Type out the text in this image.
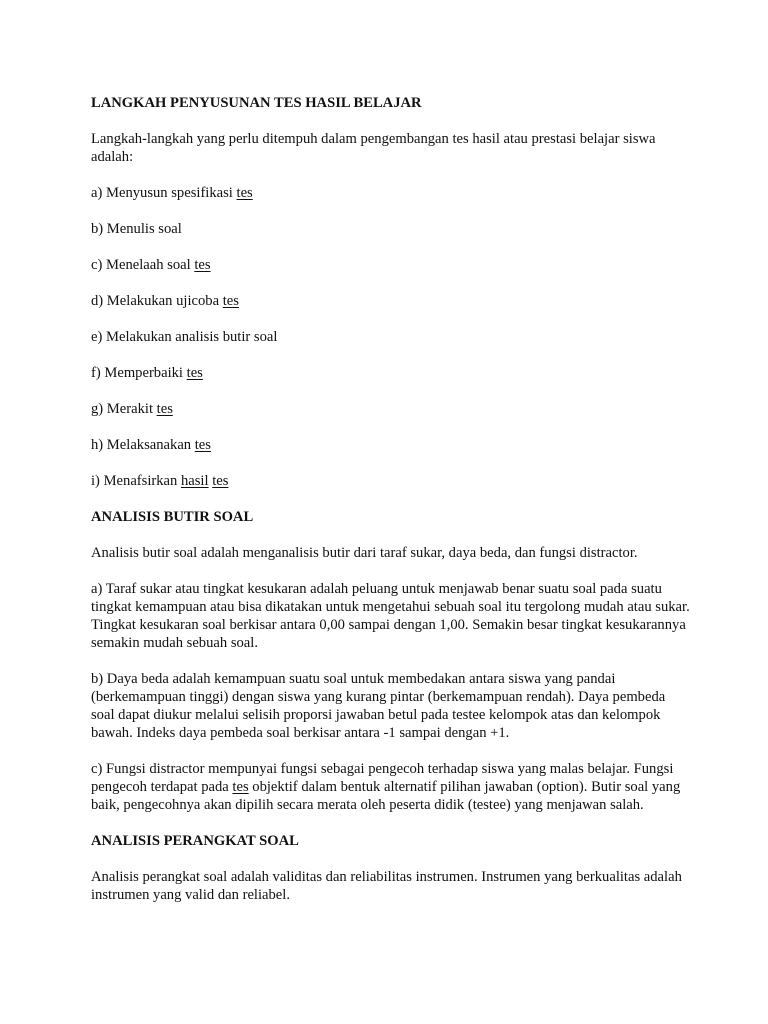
LANGKAH PENYUSUNAN TES HASIL BELAJAR
Langkah-langkah yang perlu ditempuh dalam pengembangan tes hasil atau prestasi belajar siswa adalah:
a) Menyusun spesifikasi tes
b) Menulis soal
c) Menelaah soal tes
d) Melakukan ujicoba tes
e) Melakukan analisis butir soal
f) Memperbaiki tes
g) Merakit tes
h) Melaksanakan tes
i) Menafsirkan hasil tes
ANALISIS BUTIR SOAL
Analisis butir soal adalah menganalisis butir dari taraf sukar, daya beda, dan fungsi distractor.
a) Taraf sukar atau tingkat kesukaran adalah peluang untuk menjawab benar suatu soal pada suatu tingkat kemampuan atau bisa dikatakan untuk mengetahui sebuah soal itu tergolong mudah atau sukar. Tingkat kesukaran soal berkisar antara 0,00 sampai dengan 1,00. Semakin besar tingkat kesukarannya semakin mudah sebuah soal.
b) Daya beda adalah kemampuan suatu soal untuk membedakan antara siswa yang pandai (berkemampuan tinggi) dengan siswa yang kurang pintar (berkemampuan rendah). Daya pembeda soal dapat diukur melalui selisih proporsi jawaban betul pada testee kelompok atas dan kelompok bawah. Indeks daya pembeda soal berkisar antara -1 sampai dengan +1.
c) Fungsi distractor mempunyai fungsi sebagai pengecoh terhadap siswa yang malas belajar. Fungsi pengecoh terdapat pada tes objektif dalam bentuk alternatif pilihan jawaban (option). Butir soal yang baik, pengecohnya akan dipilih secara merata oleh peserta didik (testee) yang menjawan salah.
ANALISIS PERANGKAT SOAL
Analisis perangkat soal adalah validitas dan reliabilitas instrumen. Instrumen yang berkualitas adalah instrumen yang valid dan reliabel.
